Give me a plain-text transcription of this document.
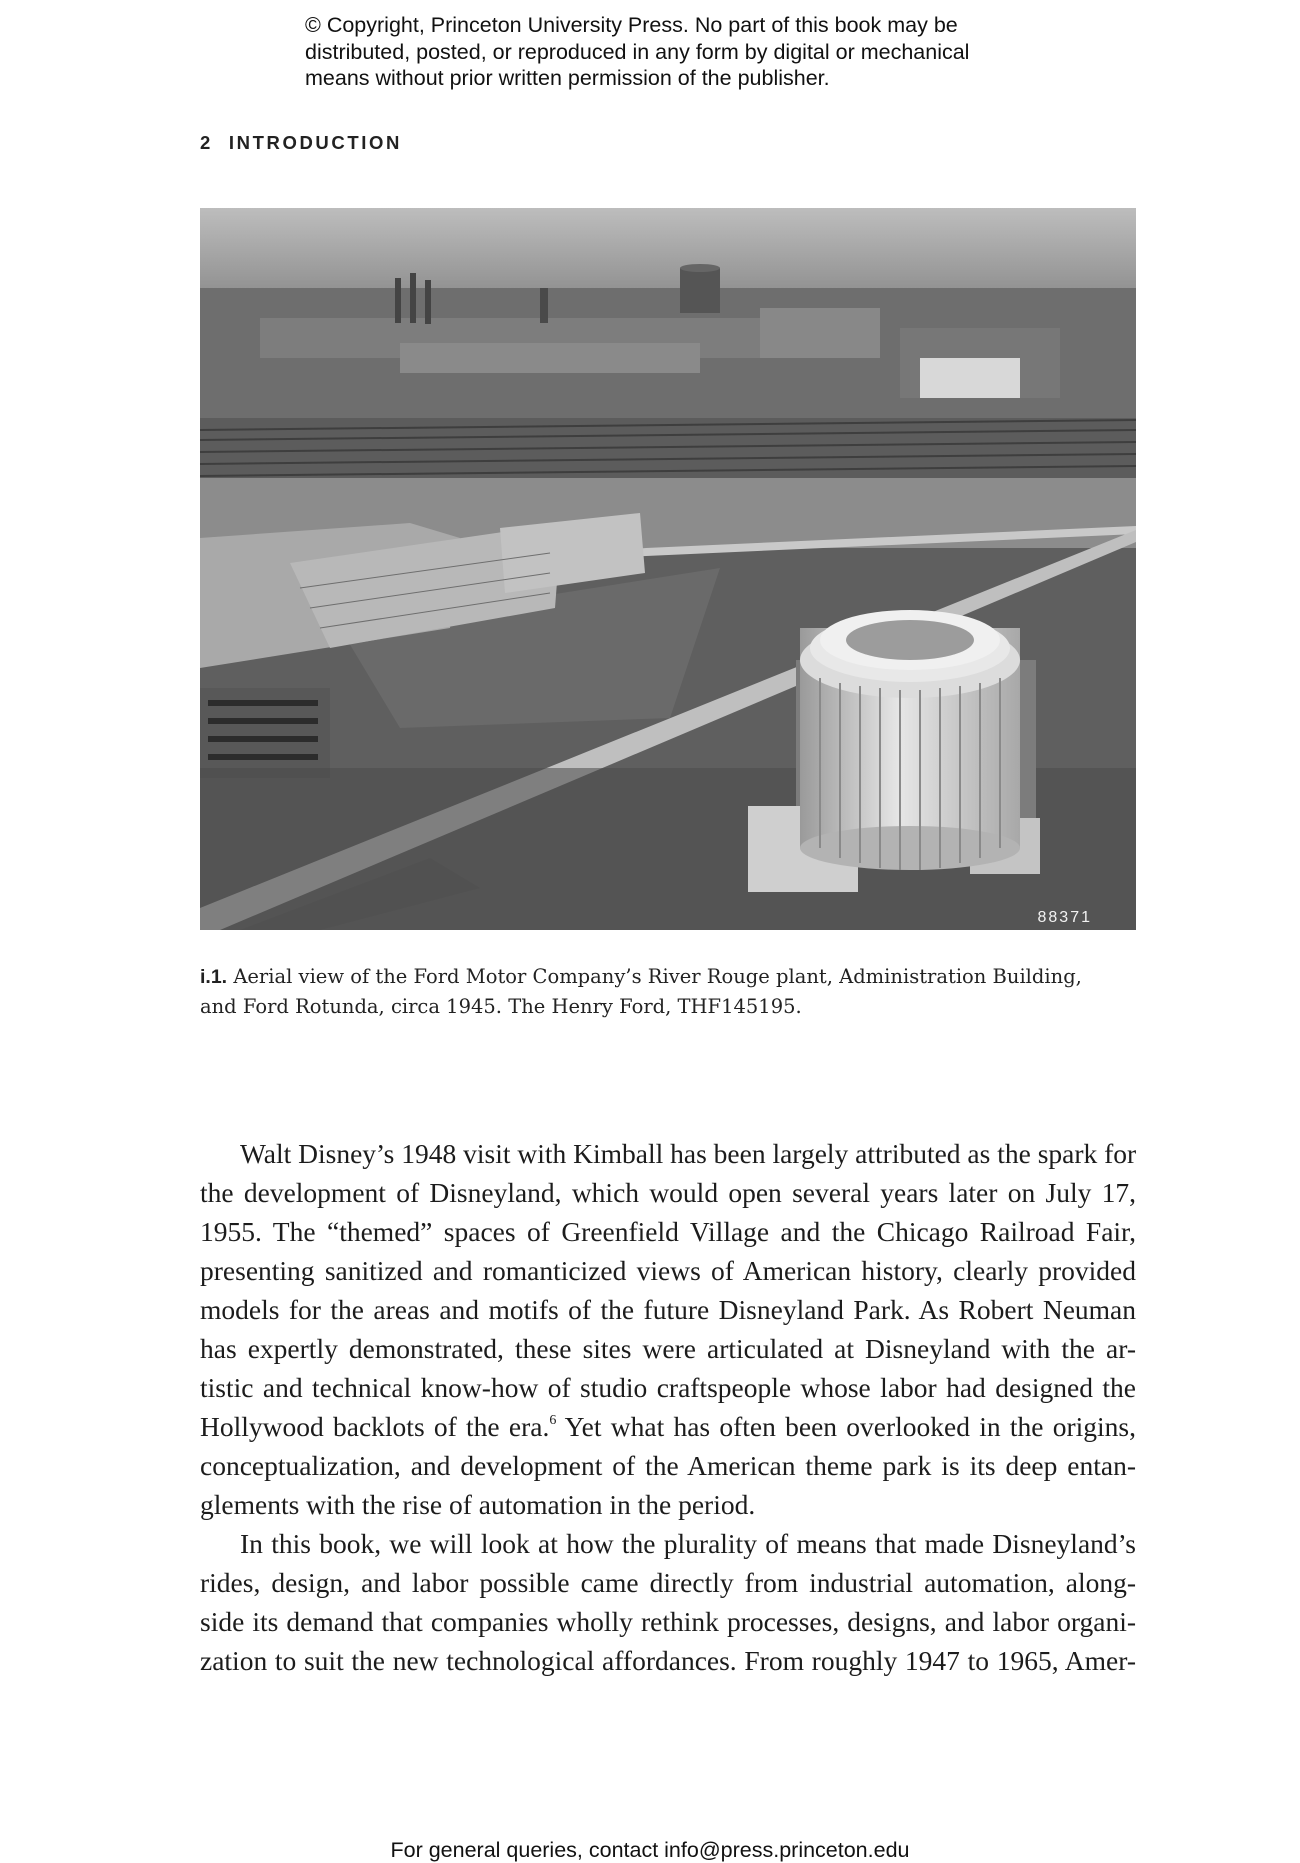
© Copyright, Princeton University Press. No part of this book may be
distributed, posted, or reproduced in any form by digital or mechanical
means without prior written permission of the publisher.
2 INTRODUCTION
88371
i.1. Aerial view of the Ford Motor Company’s River Rouge plant, Administration Building,
and Ford Rotunda, circa 1945. The Henry Ford, THF145195.
Walt Disney’s 1948 visit with Kimball has been largely attributed as the spark for
the development of Disneyland, which would open several years later on July 17,
1955. The “themed” spaces of Greenfield Village and the Chicago Railroad Fair,
presenting sanitized and romanticized views of American history, clearly provided
models for the areas and motifs of the future Disneyland Park. As Robert Neuman
has expertly demonstrated, these sites were articulated at Disneyland with the ar-
tistic and technical know-how of studio craftspeople whose labor had designed the
Hollywood backlots of the era.$^6$ Yet what has often been overlooked in the origins,
conceptualization, and development of the American theme park is its deep entan-
glements with the rise of automation in the period.
In this book, we will look at how the plurality of means that made Disneyland’s
rides, design, and labor possible came directly from industrial automation, along-
side its demand that companies wholly rethink processes, designs, and labor organi-
zation to suit the new technological affordances. From roughly 1947 to 1965, Amer-
For general queries, contact info@press.princeton.edu
